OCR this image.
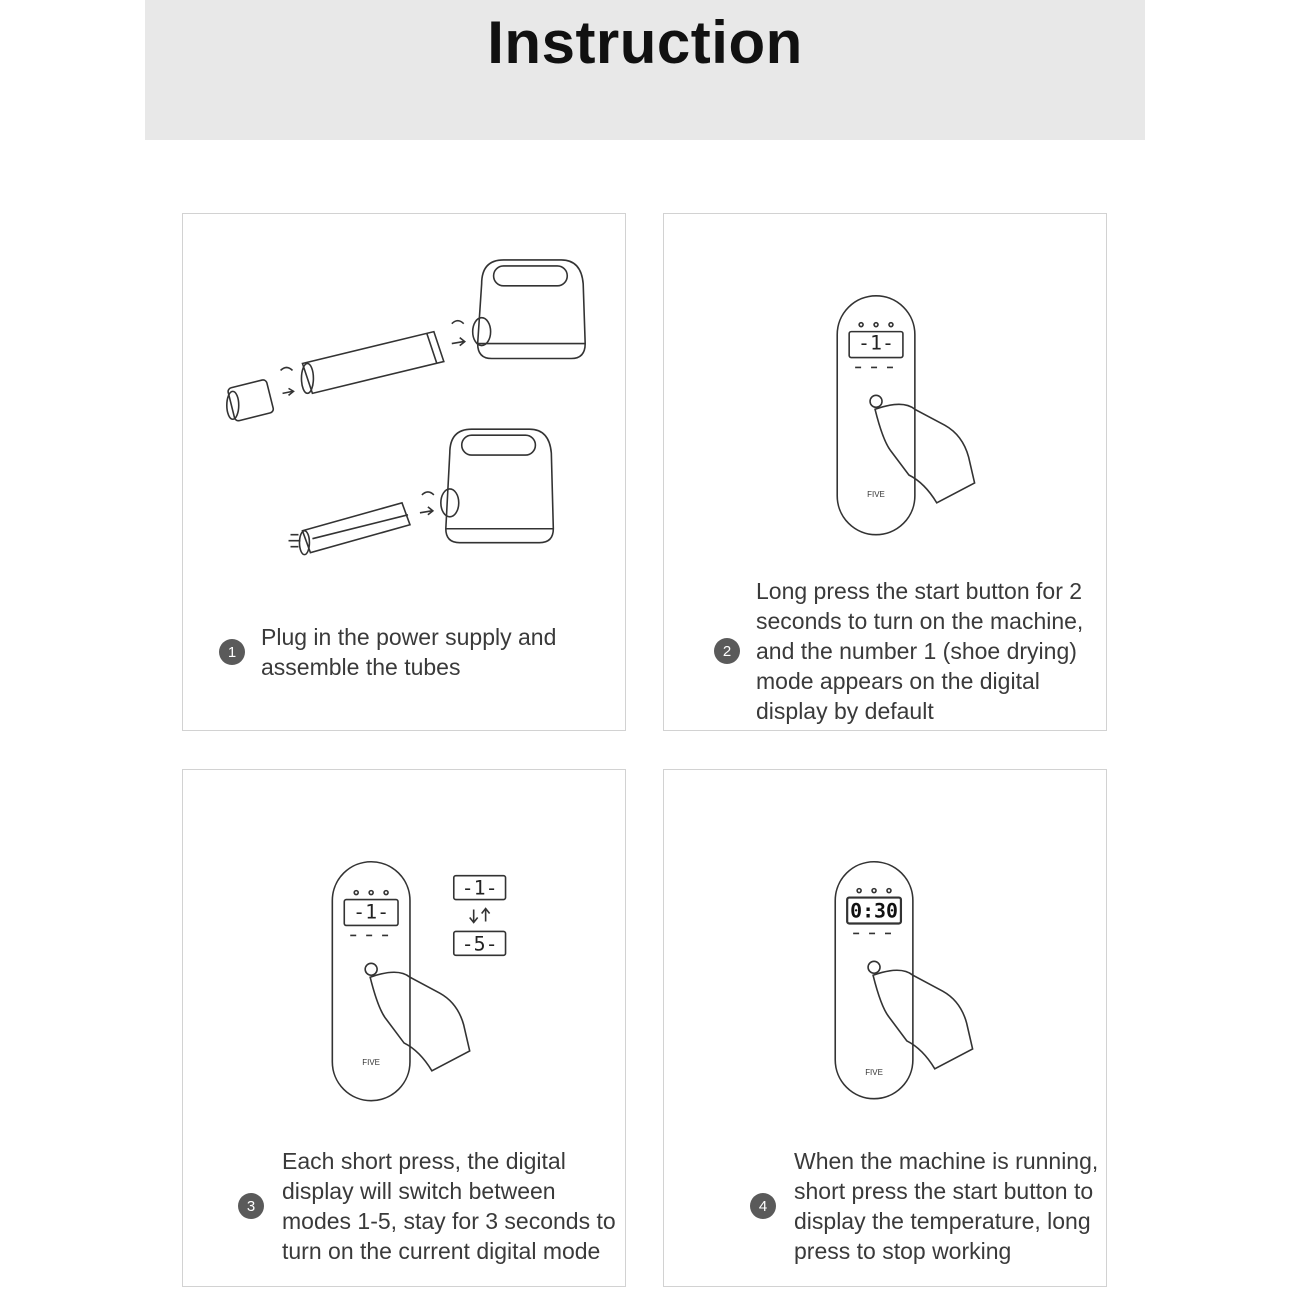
Instruction
1
Plug in the power supply and assemble the tubes
-1-
FIVE
2
Long press the start button for 2 seconds to turn on the machine, and the number 1 (shoe drying) mode appears on the digital display by default
-1-
-1-
-5-
FIVE
3
Each short press, the digital display will switch between modes 1-5, stay for 3 seconds to turn on the current digital mode
0:30
FIVE
4
When the machine is running, short press the start button to display the temperature, long press to stop working
